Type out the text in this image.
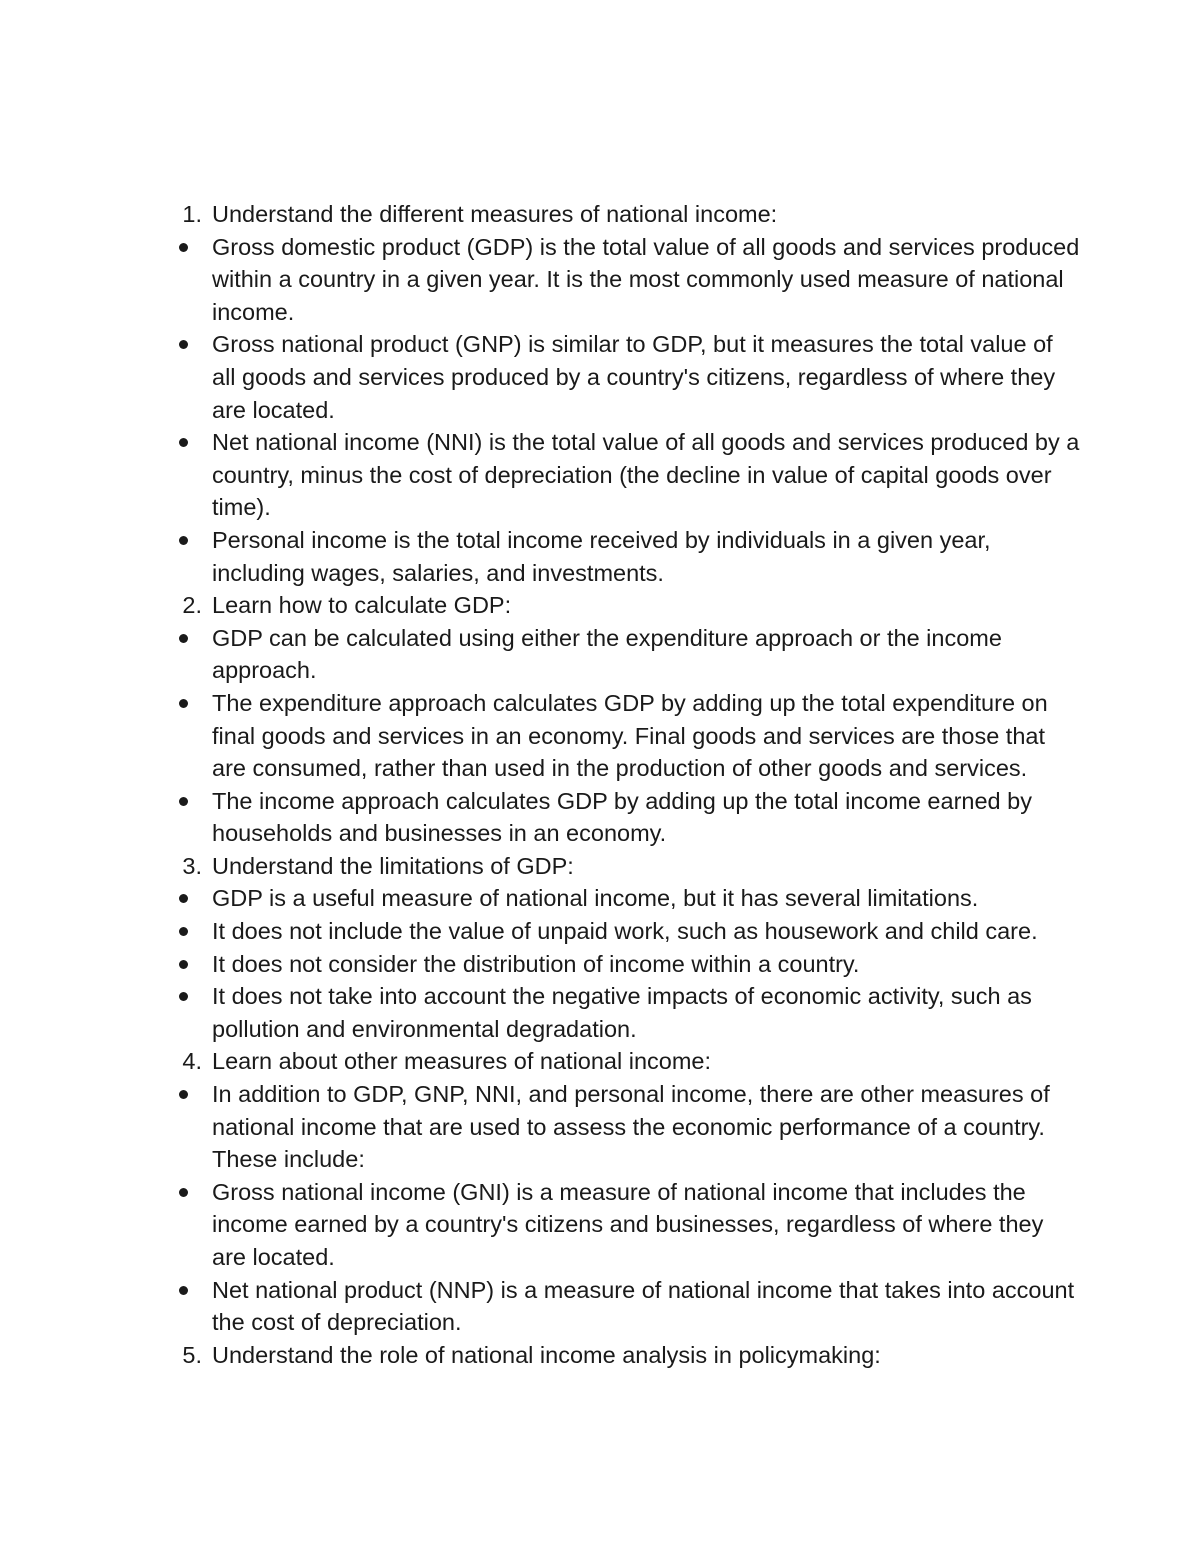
1. Understand the different measures of national income:
Gross domestic product (GDP) is the total value of all goods and services produced within a country in a given year. It is the most commonly used measure of national income.
Gross national product (GNP) is similar to GDP, but it measures the total value of all goods and services produced by a country's citizens, regardless of where they are located.
Net national income (NNI) is the total value of all goods and services produced by a country, minus the cost of depreciation (the decline in value of capital goods over time).
Personal income is the total income received by individuals in a given year, including wages, salaries, and investments.
2. Learn how to calculate GDP:
GDP can be calculated using either the expenditure approach or the income approach.
The expenditure approach calculates GDP by adding up the total expenditure on final goods and services in an economy. Final goods and services are those that are consumed, rather than used in the production of other goods and services.
The income approach calculates GDP by adding up the total income earned by households and businesses in an economy.
3. Understand the limitations of GDP:
GDP is a useful measure of national income, but it has several limitations.
It does not include the value of unpaid work, such as housework and child care.
It does not consider the distribution of income within a country.
It does not take into account the negative impacts of economic activity, such as pollution and environmental degradation.
4. Learn about other measures of national income:
In addition to GDP, GNP, NNI, and personal income, there are other measures of national income that are used to assess the economic performance of a country. These include:
Gross national income (GNI) is a measure of national income that includes the income earned by a country's citizens and businesses, regardless of where they are located.
Net national product (NNP) is a measure of national income that takes into account the cost of depreciation.
5. Understand the role of national income analysis in policymaking:
